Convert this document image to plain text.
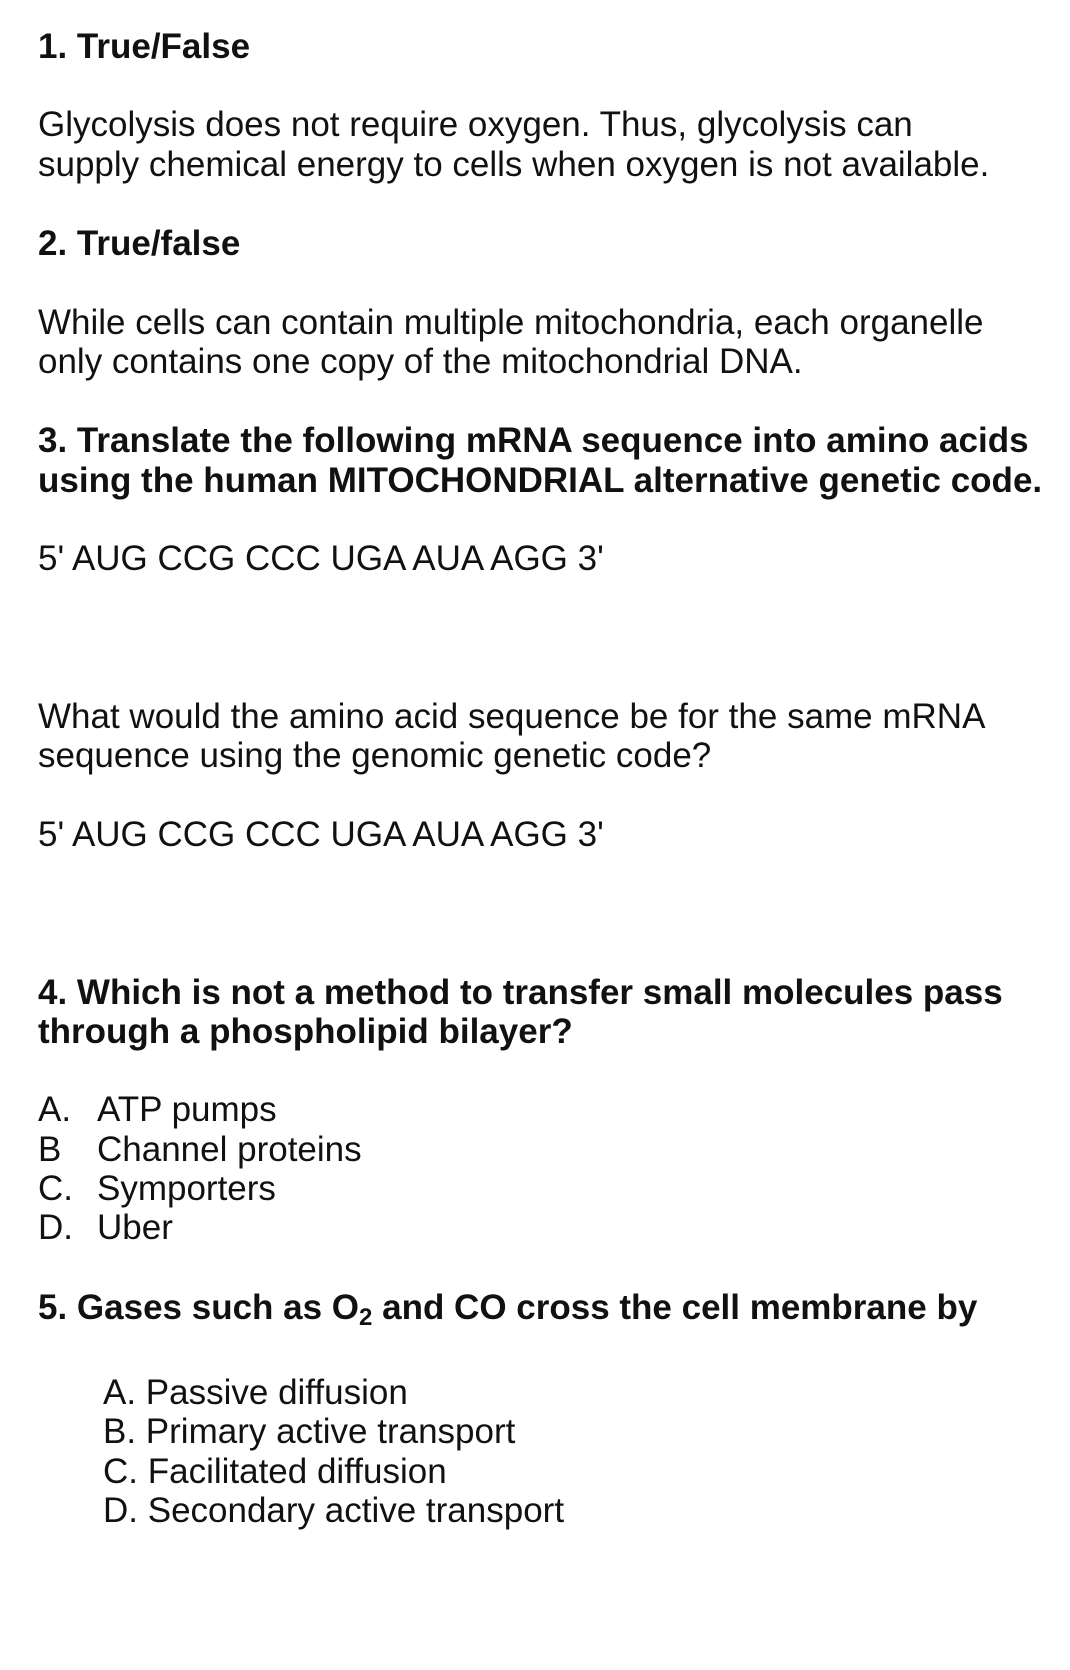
1. True/False
Glycolysis does not require oxygen. Thus, glycolysis can
supply chemical energy to cells when oxygen is not available.
2. True/false
While cells can contain multiple mitochondria, each organelle
only contains one copy of the mitochondrial DNA.
3. Translate the following mRNA sequence into amino acids
using the human MITOCHONDRIAL alternative genetic code.
5' AUG CCG CCC UGA AUA AGG 3'
What would the amino acid sequence be for the same mRNA
sequence using the genomic genetic code?
5' AUG CCG CCC UGA AUA AGG 3'
4. Which is not a method to transfer small molecules pass
through a phospholipid bilayer?
A. ATP pumps
B Channel proteins
C. Symporters
D. Uber
5. Gases such as $O_2$ and CO cross the cell membrane by
A. Passive diffusion
B. Primary active transport
C. Facilitated diffusion
D. Secondary active transport
